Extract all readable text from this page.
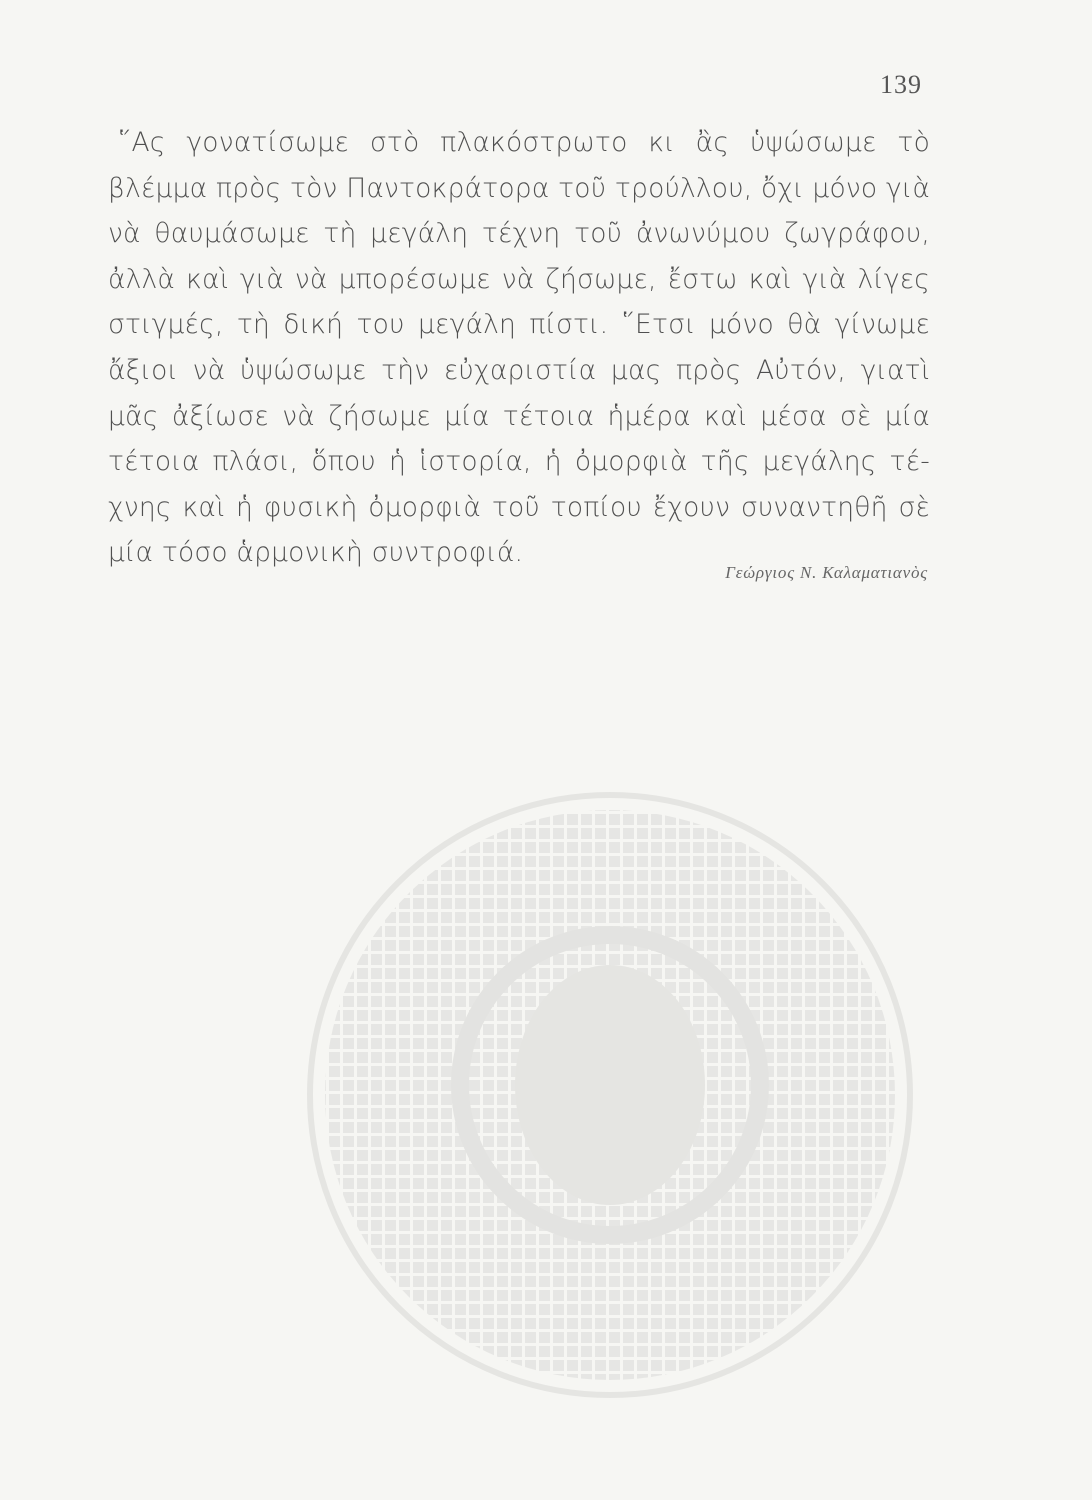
139
῞Ας γονατίσωμε στὸ πλακόστρωτο κι ἂς ὑψώσωμε τὸ
βλέμμα πρὸς τὸν Παντοκράτορα τοῦ τρούλλου, ὄχι μόνο γιὰ
νὰ θαυμάσωμε τὴ μεγάλη τέχνη τοῦ ἀνωνύμου ζωγράφου,
ἀλλὰ καὶ γιὰ νὰ μπορέσωμε νὰ ζήσωμε, ἔστω καὶ γιὰ λίγες
στιγμές, τὴ δική του μεγάλη πίστι. ῞Ετσι μόνο θὰ γίνωμε
ἄξιοι νὰ ὑψώσωμε τὴν εὐχαριστία μας πρὸς Αὐτόν, γιατὶ
μᾶς ἀξίωσε νὰ ζήσωμε μία τέτοια ἡμέρα καὶ μέσα σὲ μία
τέτοια πλάσι, ὅπου ἡ ἱστορία, ἡ ὀμορφιὰ τῆς μεγάλης τέ-
χνης καὶ ἡ φυσικὴ ὀμορφιὰ τοῦ τοπίου ἔχουν συναντηθῆ σὲ
μία τόσο ἁρμονικὴ συντροφιά.
Γεώργιος Ν. Καλαματιανὸς
